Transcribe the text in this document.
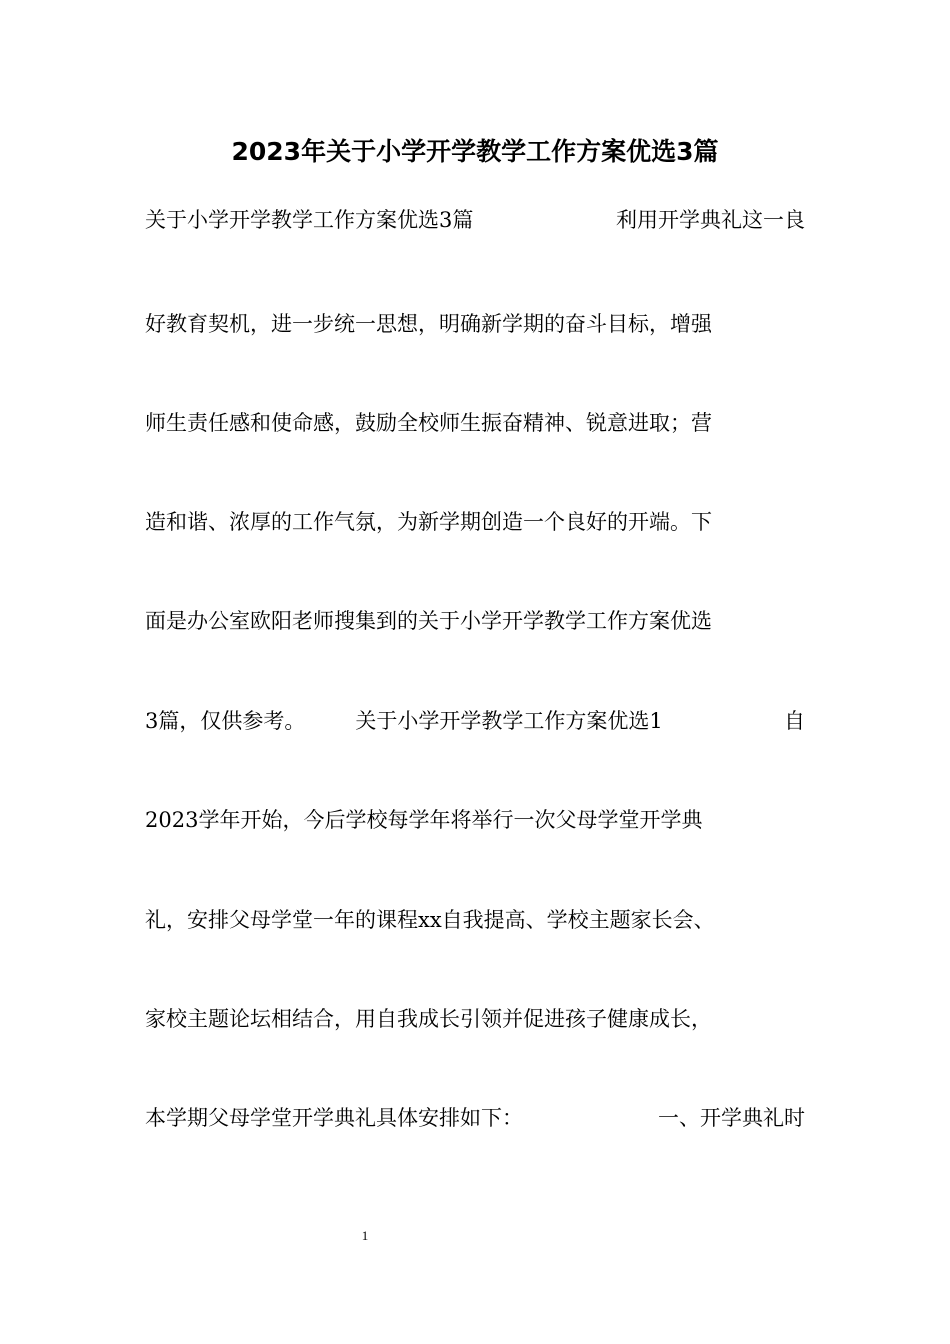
2023年关于小学开学教学工作方案优选3篇
关于小学开学教学工作方案优选3篇	利用开学典礼这一良
好教育契机，进一步统一思想，明确新学期的奋斗目标，增强
师生责任感和使命感，鼓励全校师生振奋精神、锐意进取；营
造和谐、浓厚的工作气氛，为新学期创造一个良好的开端。下
面是办公室欧阳老师搜集到的关于小学开学教学工作方案优选
3篇，仅供参考。 关于小学开学教学工作方案优选1	自
2023学年开始，今后学校每学年将举行一次父母学堂开学典
礼，安排父母学堂一年的课程xx自我提高、学校主题家长会、
家校主题论坛相结合，用自我成长引领并促进孩子健康成长，
本学期父母学堂开学典礼具体安排如下：	一、开学典礼时
1
